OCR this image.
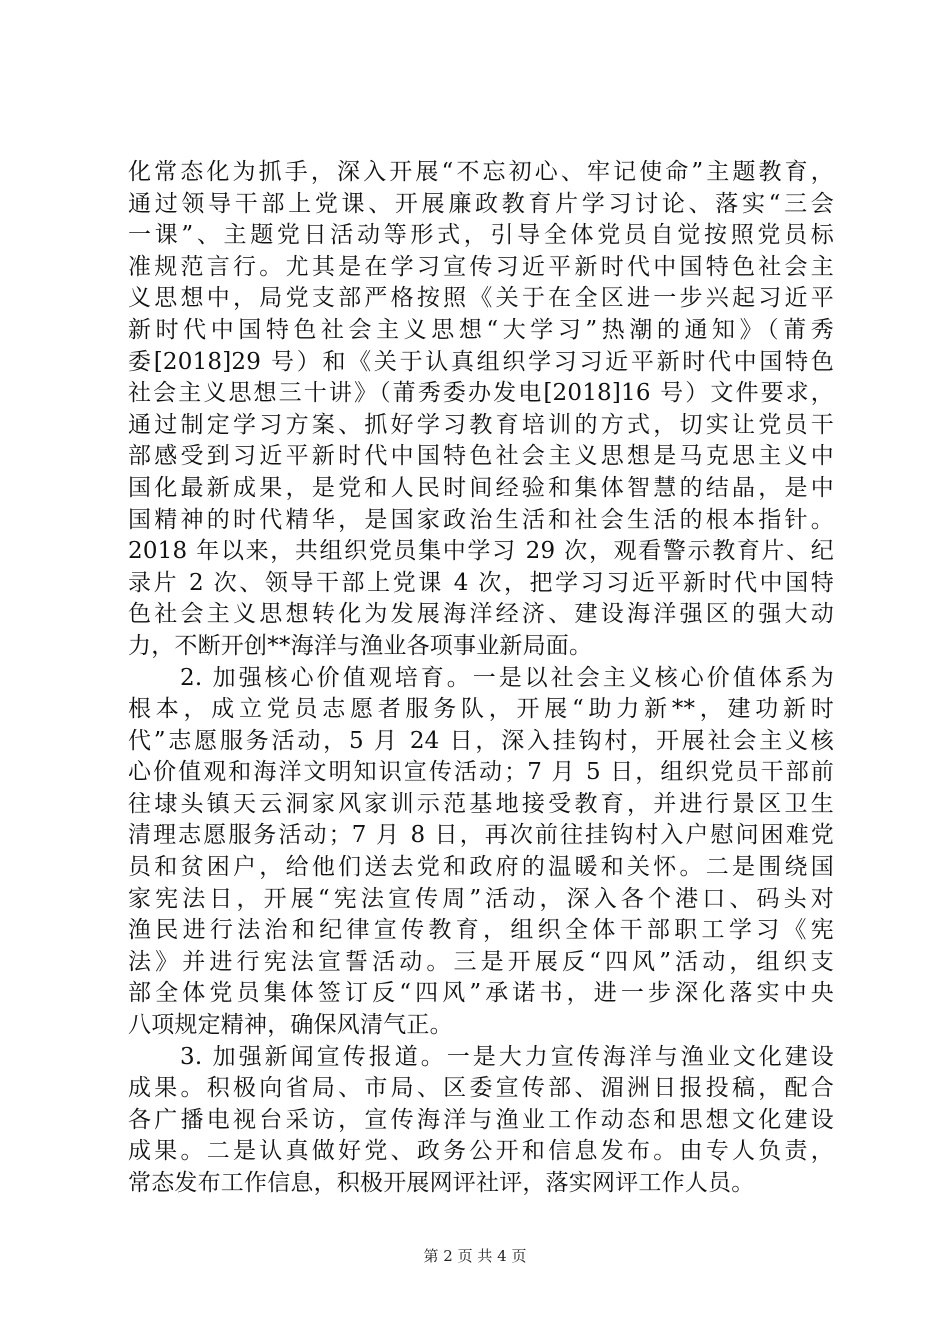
化常态化为抓手，深入开展“不忘初心、牢记使命”主题教育，
通过领导干部上党课、开展廉政教育片学习讨论、落实“三会
一课”、主题党日活动等形式，引导全体党员自觉按照党员标
准规范言行。尤其是在学习宣传习近平新时代中国特色社会主
义思想中，局党支部严格按照《关于在全区进一步兴起习近平
新时代中国特色社会主义思想“大学习”热潮的通知》（莆秀
委[2018]29 号）和《关于认真组织学习习近平新时代中国特色
社会主义思想三十讲》（莆秀委办发电[2018]16 号）文件要求，
通过制定学习方案、抓好学习教育培训的方式，切实让党员干
部感受到习近平新时代中国特色社会主义思想是马克思主义中
国化最新成果，是党和人民时间经验和集体智慧的结晶，是中
国精神的时代精华，是国家政治生活和社会生活的根本指针。
2018 年以来，共组织党员集中学习 29 次，观看警示教育片、纪
录片 2 次、领导干部上党课 4 次，把学习习近平新时代中国特
色社会主义思想转化为发展海洋经济、建设海洋强区的强大动
力，不断开创**海洋与渔业各项事业新局面。
2. 加强核心价值观培育。一是以社会主义核心价值体系为
根本，成立党员志愿者服务队，开展“助力新**，建功新时
代”志愿服务活动，5 月 24 日，深入挂钩村，开展社会主义核
心价值观和海洋文明知识宣传活动；7 月 5 日，组织党员干部前
往埭头镇天云洞家风家训示范基地接受教育，并进行景区卫生
清理志愿服务活动；7 月 8 日，再次前往挂钩村入户慰问困难党
员和贫困户，给他们送去党和政府的温暖和关怀。二是围绕国
家宪法日，开展“宪法宣传周”活动，深入各个港口、码头对
渔民进行法治和纪律宣传教育，组织全体干部职工学习《宪
法》并进行宪法宣誓活动。三是开展反“四风”活动，组织支
部全体党员集体签订反“四风”承诺书，进一步深化落实中央
八项规定精神，确保风清气正。
3. 加强新闻宣传报道。一是大力宣传海洋与渔业文化建设
成果。积极向省局、市局、区委宣传部、湄洲日报投稿，配合
各广播电视台采访，宣传海洋与渔业工作动态和思想文化建设
成果。二是认真做好党、政务公开和信息发布。由专人负责，
常态发布工作信息，积极开展网评社评，落实网评工作人员。
第 2 页 共 4 页
